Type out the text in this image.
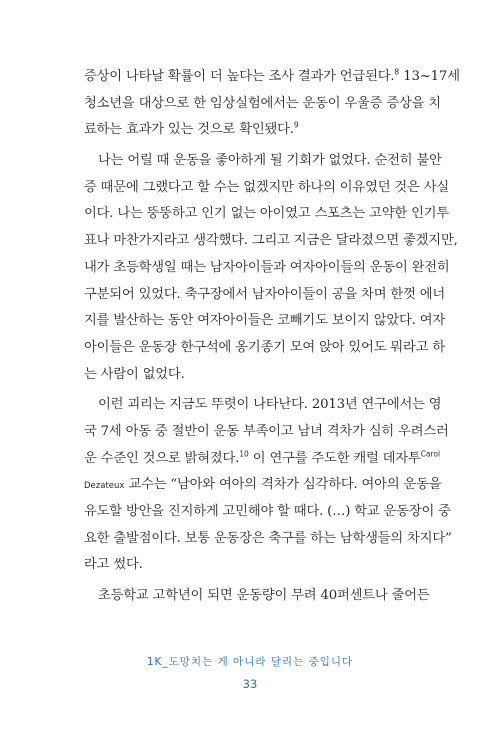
증상이 나타날 확률이 더 높다는 조사 결과가 언급된다.$^8$ 13~17세
청소년을 대상으로 한 임상실험에서는 운동이 우울증 증상을 치
료하는 효과가 있는 것으로 확인됐다.$^9$
나는 어릴 때 운동을 좋아하게 될 기회가 없었다. 순전히 불안
증 때문에 그랬다고 할 수는 없겠지만 하나의 이유였던 것은 사실
이다. 나는 뚱뚱하고 인기 없는 아이였고 스포츠는 고약한 인기투
표나 마찬가지라고 생각했다. 그리고 지금은 달라졌으면 좋겠지만,
내가 초등학생일 때는 남자아이들과 여자아이들의 운동이 완전히
구분되어 있었다. 축구장에서 남자아이들이 공을 차며 한껏 에너
지를 발산하는 동안 여자아이들은 코빼기도 보이지 않았다. 여자
아이들은 운동장 한구석에 옹기종기 모여 앉아 있어도 뭐라고 하
는 사람이 없었다.
이런 괴리는 지금도 뚜렷이 나타난다. 2013년 연구에서는 영
국 7세 아동 중 절반이 운동 부족이고 남녀 격차가 심히 우려스러
운 수준인 것으로 밝혀졌다.$^{10}$ 이 연구를 주도한 캐럴 데자투$^{Carol}$
Dezateux 교수는 “남아와 여아의 격차가 심각하다. 여아의 운동을
유도할 방안을 진지하게 고민해야 할 때다. (…) 학교 운동장이 중
요한 출발점이다. 보통 운동장은 축구를 하는 남학생들의 차지다”
라고 썼다.
초등학교 고학년이 되면 운동량이 무려 40퍼센트나 줄어든
1K_도망치는 게 아니라 달리는 중입니다
33
